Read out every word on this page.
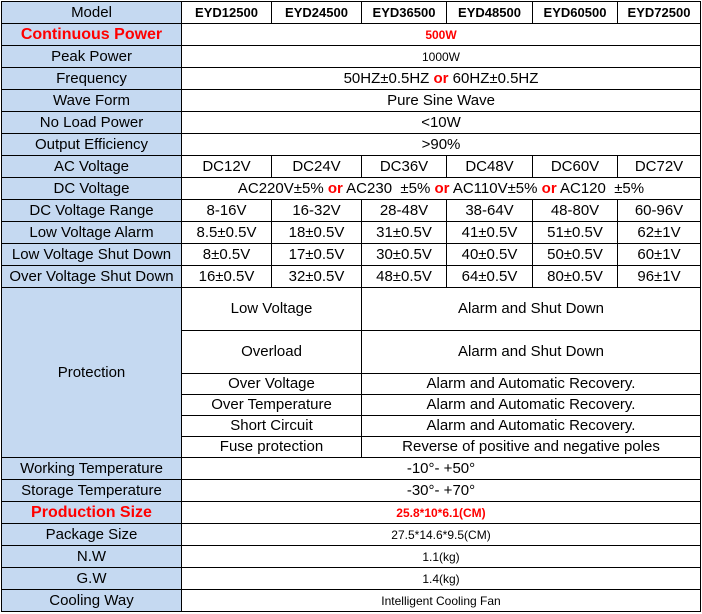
Model	EYD12500	EYD24500	EYD36500	EYD48500	EYD60500	EYD72500
Continuous Power	500W					
Peak Power	1000W					
Frequency	50HZ±0.5HZ or 60HZ±0.5HZ					
Wave Form	Pure Sine Wave					
No Load Power	<10W					
Output Efficiency	>90%					
AC Voltage	DC12V	DC24V	DC36V	DC48V	DC60V	DC72V
DC Voltage	AC220V±5% or AC230  ±5% or AC110V±5% or AC120  ±5%					
DC Voltage Range	8-16V	16-32V	28-48V	38-64V	48-80V	60-96V
Low Voltage Alarm	8.5±0.5V	18±0.5V	31±0.5V	41±0.5V	51±0.5V	62±1V
Low Voltage Shut Down	8±0.5V	17±0.5V	30±0.5V	40±0.5V	50±0.5V	60±1V
Over Voltage Shut Down	16±0.5V	32±0.5V	48±0.5V	64±0.5V	80±0.5V	96±1V
Protection	Low Voltage		Alarm and Shut Down			
	Overload		Alarm and Shut Down			
	Over Voltage		Alarm and Automatic Recovery.			
	Over Temperature		Alarm and Automatic Recovery.			
	Short Circuit		Alarm and Automatic Recovery.			
	Fuse protection		Reverse of positive and negative poles			
Working Temperature	-10°- +50°					
Storage Temperature	-30°- +70°					
Production Size	25.8*10*6.1(CM)					
Package Size	27.5*14.6*9.5(CM)					
N.W	1.1(kg)					
G.W	1.4(kg)					
Cooling Way	Intelligent Cooling Fan					
